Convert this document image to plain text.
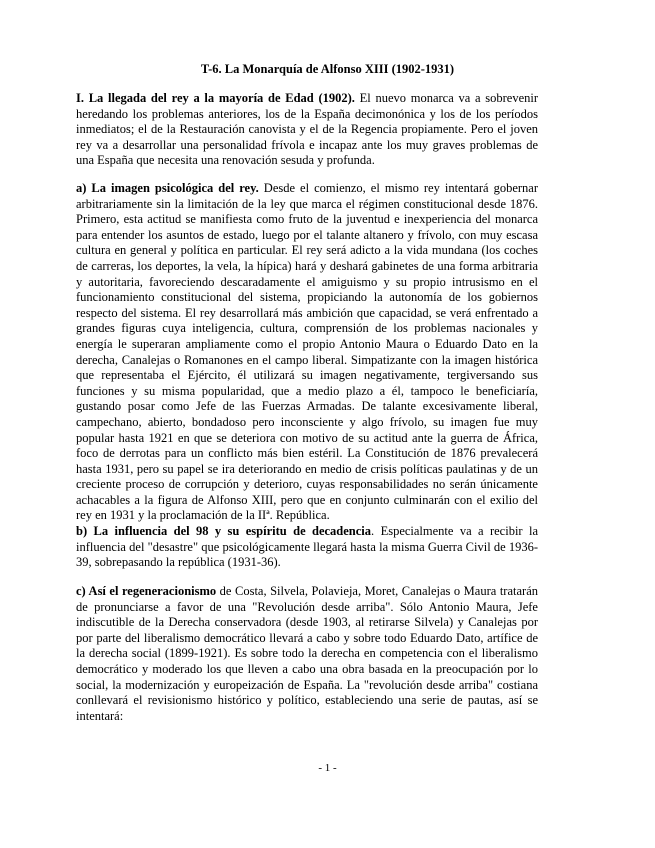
T-6. La Monarquía de Alfonso XIII (1902-1931)

I. La llegada del rey a la mayoría de Edad (1902). El nuevo monarca va a sobrevenir heredando los problemas anteriores, los de la España decimonónica y los de los períodos inmediatos; el de la Restauración canovista y el de la Regencia propiamente. Pero el joven rey va a desarrollar una personalidad frívola e incapaz ante los muy graves problemas de una España que necesita una renovación sesuda y profunda.

a) La imagen psicológica del rey. Desde el comienzo, el mismo rey intentará gobernar arbitrariamente sin la limitación de la ley que marca el régimen constitucional desde 1876. Primero, esta actitud se manifiesta como fruto de la juventud e inexperiencia del monarca para entender los asuntos de estado, luego por el talante altanero y frívolo, con muy escasa cultura en general y política en particular. El rey será adicto a la vida mundana (los coches de carreras, los deportes, la vela, la hípica) hará y deshará gabinetes de una forma arbitraria y autoritaria, favoreciendo descaradamente el amiguismo y su propio intrusismo en el funcionamiento constitucional del sistema, propiciando la autonomía de los gobiernos respecto del sistema. El rey desarrollará más ambición que capacidad, se verá enfrentado a grandes figuras cuya inteligencia, cultura, comprensión de los problemas nacionales y energía le superaran ampliamente como el propio Antonio Maura o Eduardo Dato en la derecha, Canalejas o Romanones en el campo liberal. Simpatizante con la imagen histórica que representaba el Ejército, él utilizará su imagen negativamente, tergiversando sus funciones y su misma popularidad, que a medio plazo a él, tampoco le beneficiaría, gustando posar como Jefe de las Fuerzas Armadas. De talante excesivamente liberal, campechano, abierto, bondadoso pero inconsciente y algo frívolo, su imagen fue muy popular hasta 1921 en que se deteriora con motivo de su actitud ante la guerra de África, foco de derrotas para un conflicto más bien estéril. La Constitución de 1876 prevalecerá hasta 1931, pero su papel se ira deteriorando en medio de crisis políticas paulatinas y de un creciente proceso de corrupción y deterioro, cuyas responsabilidades no serán únicamente achacables a la figura de Alfonso XIII, pero que en conjunto culminarán con el exilio del rey en 1931 y la proclamación de la IIª. República.

b) La influencia del 98 y su espíritu de decadencia. Especialmente va a recibir la influencia del "desastre" que psicológicamente llegará hasta la misma Guerra Civil de 1936-39, sobrepasando la república (1931-36).

c) Así el regeneracionismo de Costa, Silvela, Polavieja, Moret, Canalejas o Maura tratarán de pronunciarse a favor de una "Revolución desde arriba". Sólo Antonio Maura, Jefe indiscutible de la Derecha conservadora (desde 1903, al retirarse Silvela) y Canalejas por por parte del liberalismo democrático llevará a cabo y sobre todo Eduardo Dato, artífice de la derecha social (1899-1921). Es sobre todo la derecha en competencia con el liberalismo democrático y moderado los que lleven a cabo una obra basada en la preocupación por lo social, la modernización y europeización de España. La "revolución desde arriba" costiana conllevará el revisionismo histórico y político, estableciendo una serie de pautas, así se intentará:

- 1 -
